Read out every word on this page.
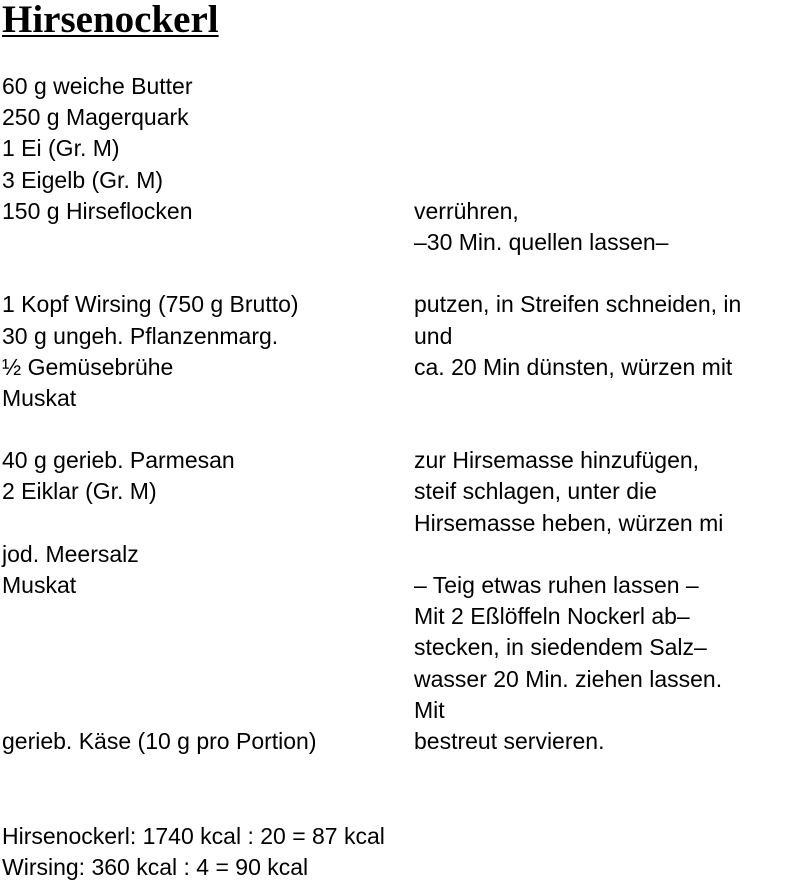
Hirsenockerl
60 g weiche Butter
250 g Magerquark
1 Ei (Gr. M)
3 Eigelb (Gr. M)
150 g Hirseflocken	verrühren,
–30 Min. quellen lassen–
1 Kopf Wirsing (750 g Brutto)	putzen, in Streifen schneiden, in
30 g ungeh. Pflanzenmarg.	und
½ Gemüsebrühe	ca. 20 Min dünsten, würzen mit
Muskat
40 g gerieb. Parmesan	zur Hirsemasse hinzufügen,
2 Eiklar (Gr. M)	steif schlagen, unter die
Hirsemasse heben, würzen mi
jod. Meersalz
Muskat	– Teig etwas ruhen lassen –
Mit 2 Eßlöffeln Nockerl ab–
stecken, in siedendem Salz–
wasser 20 Min. ziehen lassen.
Mit
gerieb. Käse (10 g pro Portion)	bestreut servieren.
Hirsenockerl: 1740 kcal : 20 = 87 kcal
Wirsing: 360 kcal : 4 = 90 kcal
